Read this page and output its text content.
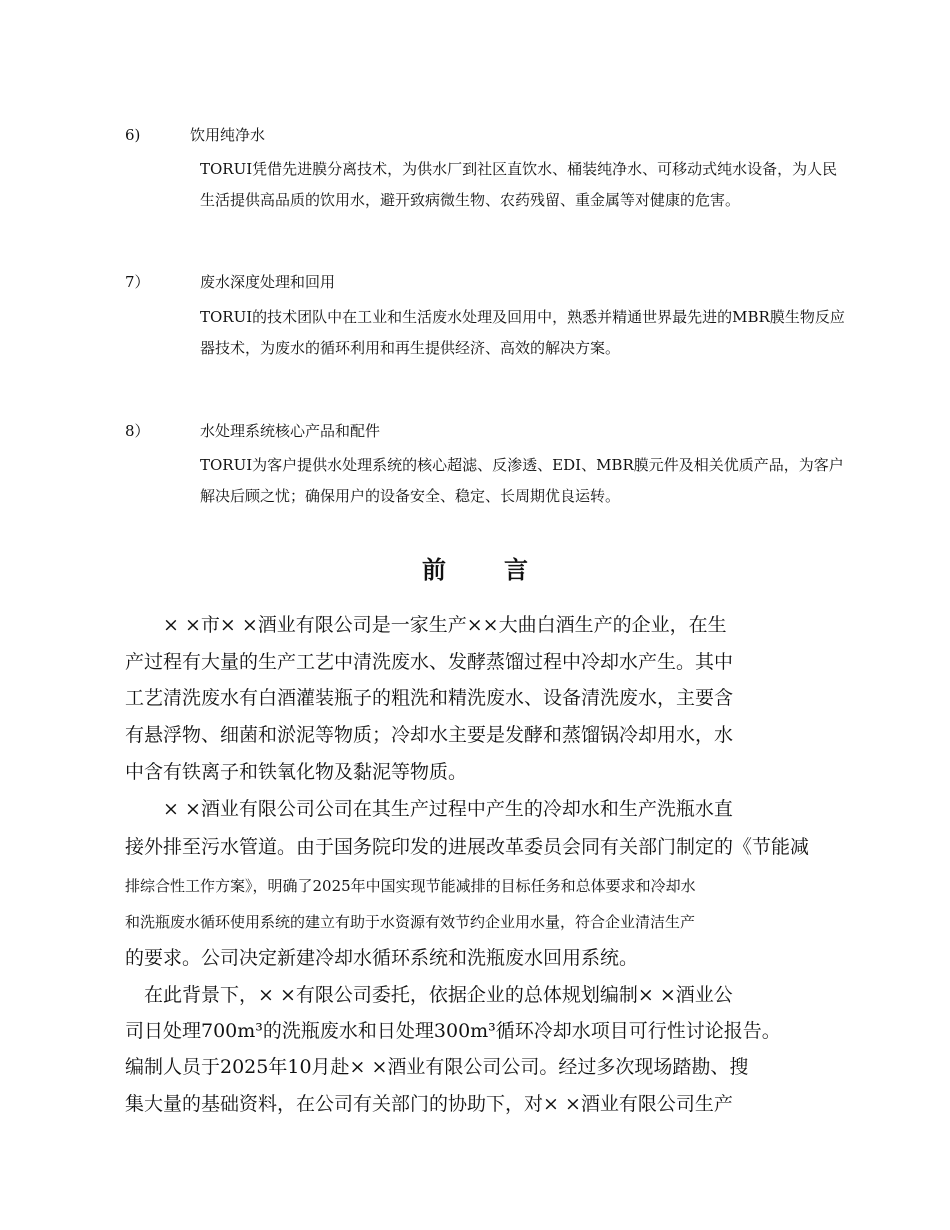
6)	饮用纯净水
TORUI凭借先进膜分离技术，为供水厂到社区直饮水、桶装纯净水、可移动式纯水设备，为人民生活提供高品质的饮用水，避开致病微生物、农药残留、重金属等对健康的危害。
7）	废水深度处理和回用
TORUI的技术团队中在工业和生活废水处理及回用中，熟悉并精通世界最先进的MBR膜生物反应器技术，为废水的循环利用和再生提供经济、高效的解决方案。
8）	水处理系统核心产品和配件
TORUI为客户提供水处理系统的核心超滤、反渗透、EDI、MBR膜元件及相关优质产品，为客户解决后顾之忧；确保用户的设备安全、稳定、长周期优良运转。
前言
　　× ×市× ×酒业有限公司是一家生产××大曲白酒生产的企业，在生
产过程有大量的生产工艺中清洗废水、发酵蒸馏过程中冷却水产生。其中
工艺清洗废水有白酒灌装瓶子的粗洗和精洗废水、设备清洗废水，主要含
有悬浮物、细菌和淤泥等物质；冷却水主要是发酵和蒸馏锅冷却用水，水
中含有铁离子和铁氧化物及黏泥等物质。
　　× ×酒业有限公司公司在其生产过程中产生的冷却水和生产洗瓶水直
接外排至污水管道。由于国务院印发的进展改革委员会同有关部门制定的《节能减
排综合性工作方案》，明确了2025年中国实现节能减排的目标任务和总体要求和冷却水
和洗瓶废水循环使用系统的建立有助于水资源有效节约企业用水量，符合企业清洁生产
的要求。公司决定新建冷却水循环系统和洗瓶废水回用系统。
　在此背景下，× ×有限公司委托，依据企业的总体规划编制× ×酒业公
司日处理700m³的洗瓶废水和日处理300m³循环冷却水项目可行性讨论报告。
编制人员于2025年10月赴× ×酒业有限公司公司。经过多次现场踏勘、搜
集大量的基础资料，在公司有关部门的协助下，对× ×酒业有限公司生产
